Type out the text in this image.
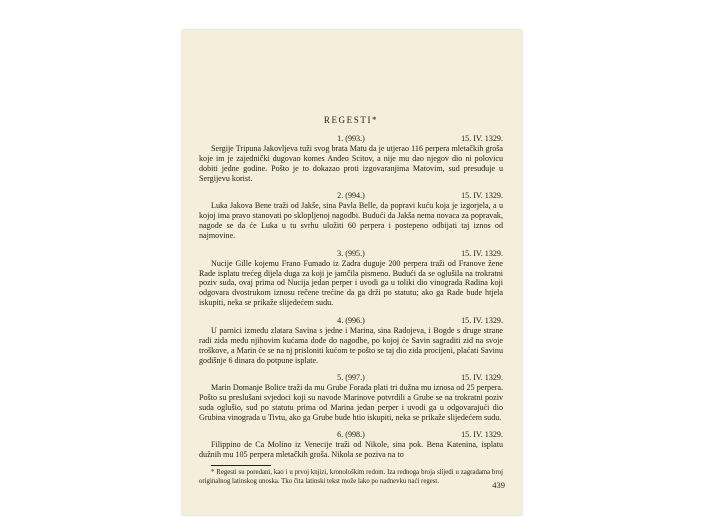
REGESTI*
1. (993.)	15. IV. 1329.
Sergije Tripuna Jakovljeva tuži svog brata Matu da je utjerao 116 perpera mletačkih groša koje im je zajednički dugovao komes Anđeo Scitov, a nije mu dao njegov dio ni polovicu dobiti jedne godine. Pošto je to dokazao proti izgovaranjima Matovim, sud presuđuje u Sergijevu korist.
2. (994.)	15. IV. 1329.
Luka Jakova Bene traži od Jakše, sina Pavla Belle, da popravi kuću koja je izgorjela, a u kojoj ima pravo stanovati po sklopljenoj nagodbi. Budući da Jakša nema novaca za popravak, nagode se da će Luka u tu svrhu uložiti 60 perpera i postepeno odbijati taj iznos od najmovine.
3. (995.)	15. IV. 1329.
Nucije Gille kojemu Frano Fumado iz Zadra duguje 200 perpera traži od Franove žene Rade isplatu trećeg dijela duga za koji je jamčila pismeno. Budući da se oglušila na trokratni poziv suda, ovaj prima od Nucija jedan perper i uvodi ga u toliki dio vinograda Radina koji odgovara dvostrukom iznosu rečene trećine da ga drži po statutu; ako ga Rade bude htjela iskupiti, neka se prikaže slijedećem sudu.
4. (996.)	15. IV. 1329.
U parnici između zlatara Savina s jedne i Marina, sina Radojeva, i Bogde s druge strane radi zida među njihovim kućama dođe do nagodbe, po kojoj će Savin sagraditi zid na svoje troškove, a Marin će se na nj prisloniti kućom te pošto se taj dio zida procijeni, plaćati Savinu godišnje 6 dinara do potpune isplate.
5. (997.)	15. IV. 1329.
Marin Domanje Bolice traži da mu Grube Forada plati tri dužna mu iznosa od 25 perpera. Pošto su preslušani svjedoci koji su navode Marinove potvrdili a Grube se na trokratni poziv suda oglušio, sud po statutu prima od Marina jedan perper i uvodi ga u odgovarajući dio Grubina vinograda u Tivtu, ako ga Grube bude htio iskupiti, neka se prikaže slijedećem sudu.
6. (998.)	15. IV. 1329.
Filippino de Ca Molino iz Venecije traži od Nikole, sina pok. Bena Katenina, isplatu dužnih mu 105 perpera mletačkih groša. Nikola se poziva na to
* Regesti su poredani, kao i u prvoj knjizi, kronološkim redom. Iza rednoga broja slijedi u zagradama broj originalnog latinskog unoska. Tko čita latinski tekst može lako po nadnevku naći regest.	439
